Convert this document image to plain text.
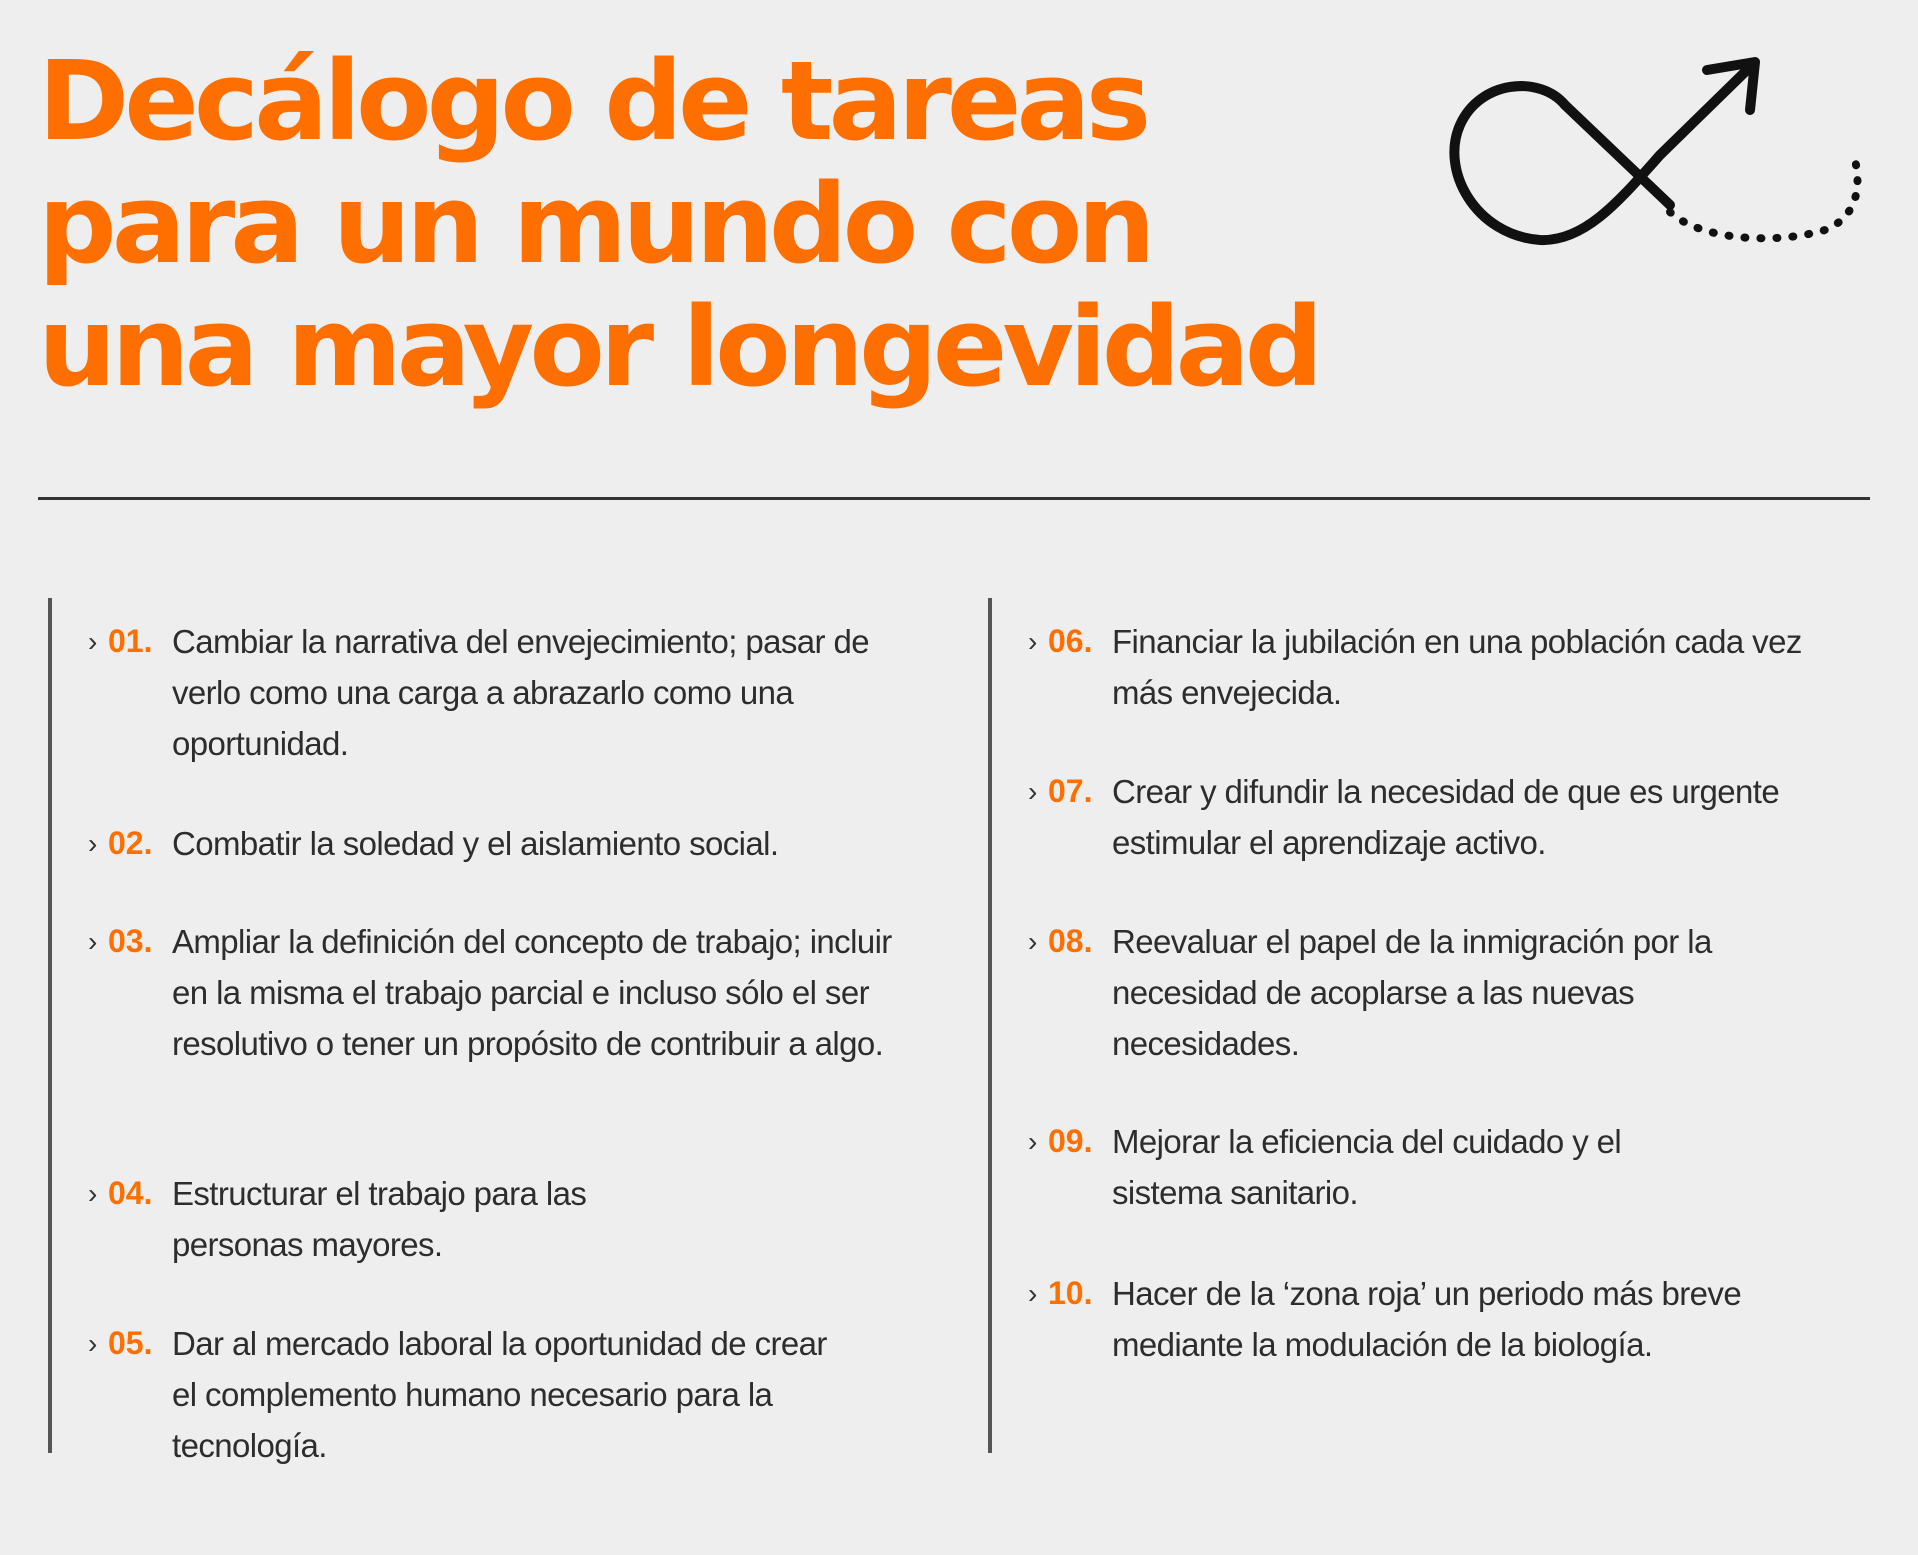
Decálogo de tareas
para un mundo con
una mayor longevidad
› 01. Cambiar la narrativa del envejecimiento; pasar de verlo como una carga a abrazarlo como una oportunidad.
› 02. Combatir la soledad y el aislamiento social.
› 03. Ampliar la definición del concepto de trabajo; incluir en la misma el trabajo parcial e incluso sólo el ser resolutivo o tener un propósito de contribuir a algo.
› 04. Estructurar el trabajo para las personas mayores.
› 05. Dar al mercado laboral la oportunidad de crear el complemento humano necesario para la tecnología.
› 06. Financiar la jubilación en una población cada vez más envejecida.
› 07. Crear y difundir la necesidad de que es urgente estimular el aprendizaje activo.
› 08. Reevaluar el papel de la inmigración por la necesidad de acoplarse a las nuevas necesidades.
› 09. Mejorar la eficiencia del cuidado y el sistema sanitario.
› 10. Hacer de la ‘zona roja’ un periodo más breve mediante la modulación de la biología.
